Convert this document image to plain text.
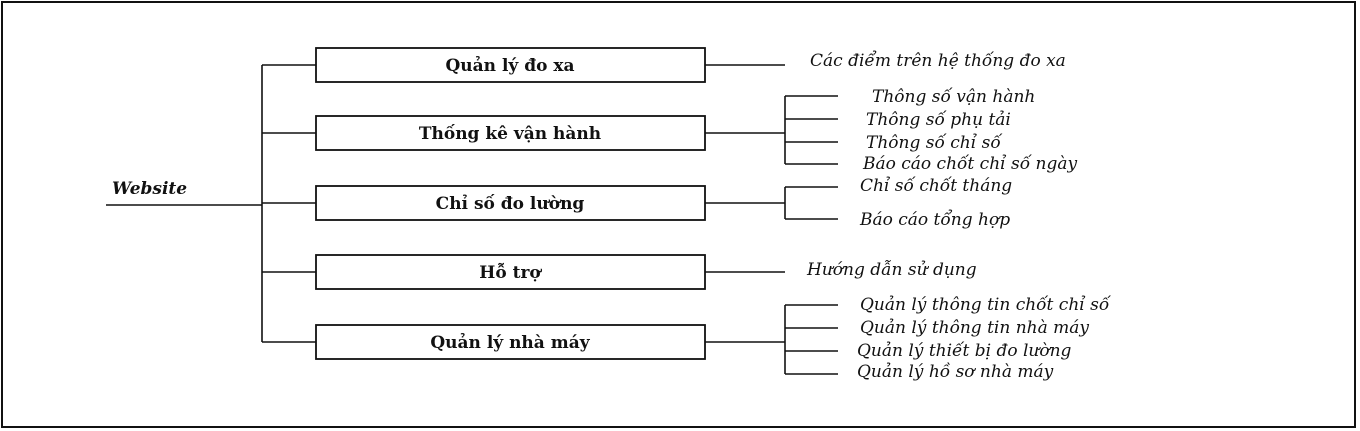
Website
Quản lý đo xa	Các điểm trên hệ thống đo xa
Thống kê vận hành
Thông số vận hành
Thông số phụ tải
Thông số chỉ số
Báo cáo chốt chỉ số ngày
Chỉ số đo lường
Chỉ số chốt tháng
Báo cáo tổng hợp
Hỗ trợ	Hướng dẫn sử dụng
Quản lý nhà máy
Quản lý thông tin chốt chỉ số
Quản lý thông tin nhà máy
Quản lý thiết bị đo lường
Quản lý hồ sơ nhà máy
